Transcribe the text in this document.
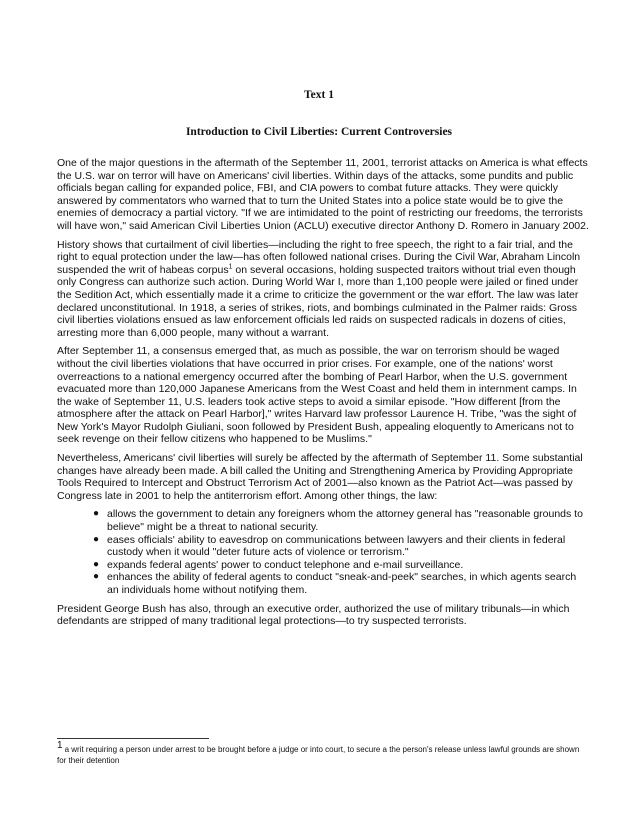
Text 1
Introduction to Civil Liberties: Current Controversies

One of the major questions in the aftermath of the September 11, 2001, terrorist attacks on America is what effects the U.S. war on terror will have on Americans' civil liberties. Within days of the attacks, some pundits and public officials began calling for expanded police, FBI, and CIA powers to combat future attacks. They were quickly answered by commentators who warned that to turn the United States into a police state would be to give the enemies of democracy a partial victory. "If we are intimidated to the point of restricting our freedoms, the terrorists will have won," said American Civil Liberties Union (ACLU) executive director Anthony D. Romero in January 2002.

History shows that curtailment of civil liberties—including the right to free speech, the right to a fair trial, and the right to equal protection under the law—has often followed national crises. During the Civil War, Abraham Lincoln suspended the writ of habeas corpus$^1$ on several occasions, holding suspected traitors without trial even though only Congress can authorize such action. During World War I, more than 1,100 people were jailed or fined under the Sedition Act, which essentially made it a crime to criticize the government or the war effort. The law was later declared unconstitutional. In 1918, a series of strikes, riots, and bombings culminated in the Palmer raids: Gross civil liberties violations ensued as law enforcement officials led raids on suspected radicals in dozens of cities, arresting more than 6,000 people, many without a warrant.

After September 11, a consensus emerged that, as much as possible, the war on terrorism should be waged without the civil liberties violations that have occurred in prior crises. For example, one of the nations' worst overreactions to a national emergency occurred after the bombing of Pearl Harbor, when the U.S. government evacuated more than 120,000 Japanese Americans from the West Coast and held them in internment camps. In the wake of September 11, U.S. leaders took active steps to avoid a similar episode. "How different [from the atmosphere after the attack on Pearl Harbor]," writes Harvard law professor Laurence H. Tribe, "was the sight of New York's Mayor Rudolph Giuliani, soon followed by President Bush, appealing eloquently to Americans not to seek revenge on their fellow citizens who happened to be Muslims."

Nevertheless, Americans' civil liberties will surely be affected by the aftermath of September 11. Some substantial changes have already been made. A bill called the Uniting and Strengthening America by Providing Appropriate Tools Required to Intercept and Obstruct Terrorism Act of 2001—also known as the Patriot Act—was passed by Congress late in 2001 to help the antiterrorism effort. Among other things, the law:

● allows the government to detain any foreigners whom the attorney general has "reasonable grounds to believe" might be a threat to national security.
● eases officials' ability to eavesdrop on communications between lawyers and their clients in federal custody when it would "deter future acts of violence or terrorism."
● expands federal agents' power to conduct telephone and e-mail surveillance.
● enhances the ability of federal agents to conduct "sneak-and-peek" searches, in which agents search an individuals home without notifying them.

President George Bush has also, through an executive order, authorized the use of military tribunals—in which defendants are stripped of many traditional legal protections—to try suspected terrorists.

$^1$ a writ requiring a person under arrest to be brought before a judge or into court, to secure a the person's release unless lawful grounds are shown for their detention
